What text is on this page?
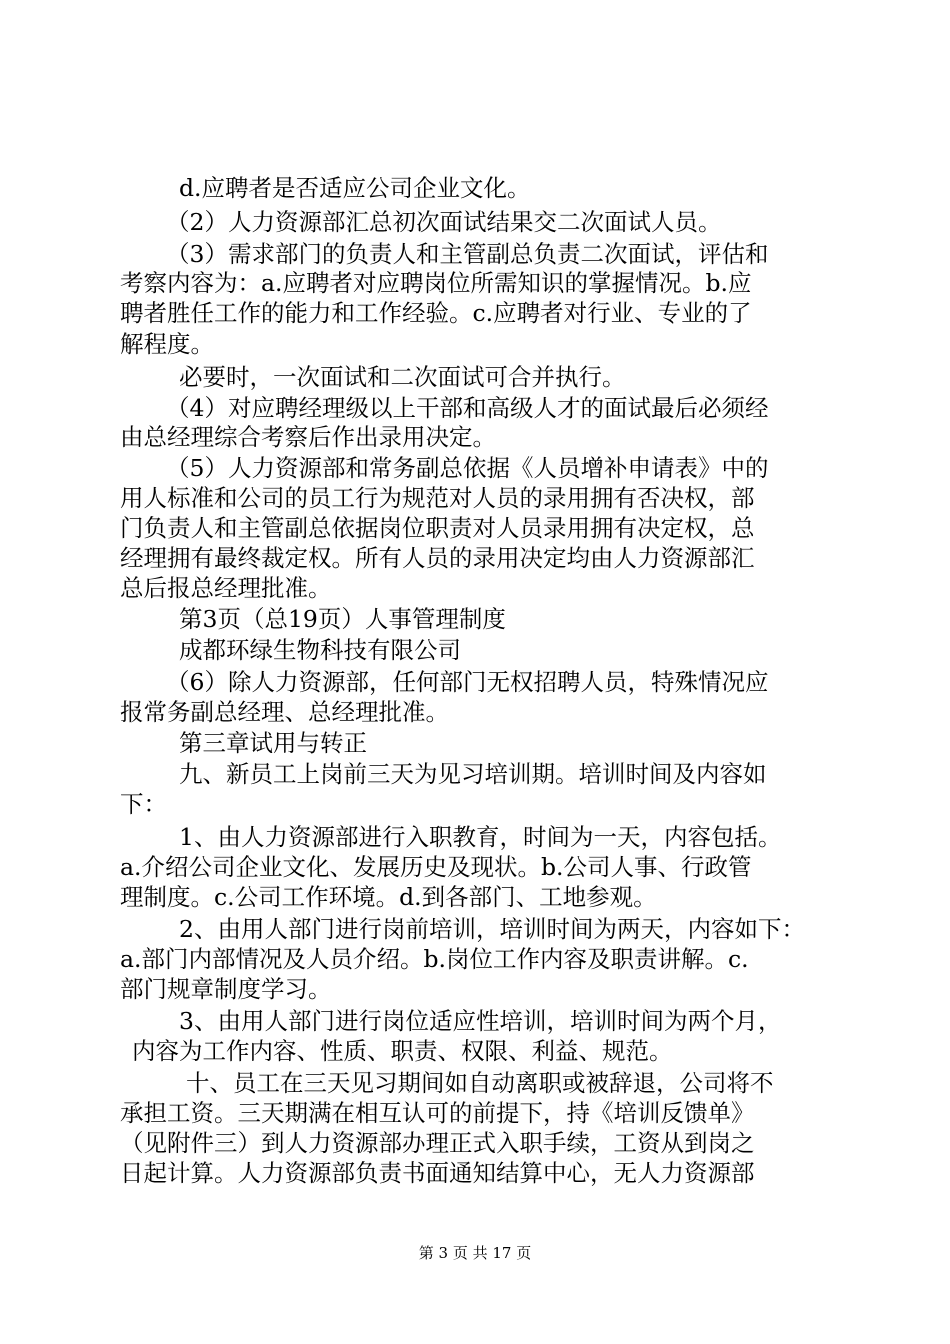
d.应聘者是否适应公司企业文化。

（2）人力资源部汇总初次面试结果交二次面试人员。

（3）需求部门的负责人和主管副总负责二次面试，评估和

考察内容为：a.应聘者对应聘岗位所需知识的掌握情况。b.应

聘者胜任工作的能力和工作经验。c.应聘者对行业、专业的了

解程度。

必要时，一次面试和二次面试可合并执行。

（4）对应聘经理级以上干部和高级人才的面试最后必须经

由总经理综合考察后作出录用决定。

（5）人力资源部和常务副总依据《人员增补申请表》中的

用人标准和公司的员工行为规范对人员的录用拥有否决权，部

门负责人和主管副总依据岗位职责对人员录用拥有决定权，总

经理拥有最终裁定权。所有人员的录用决定均由人力资源部汇

总后报总经理批准。

第3页（总19页）人事管理制度

成都环绿生物科技有限公司

（6）除人力资源部，任何部门无权招聘人员，特殊情况应

报常务副总经理、总经理批准。

第三章试用与转正

九、新员工上岗前三天为见习培训期。培训时间及内容如

下：

1、由人力资源部进行入职教育，时间为一天，内容包括。

a.介绍公司企业文化、发展历史及现状。b.公司人事、行政管

理制度。c.公司工作环境。d.到各部门、工地参观。

2、由用人部门进行岗前培训，培训时间为两天，内容如下：

a.部门内部情况及人员介绍。b.岗位工作内容及职责讲解。c.

部门规章制度学习。

3、由用人部门进行岗位适应性培训，培训时间为两个月，

内容为工作内容、性质、职责、权限、利益、规范。

十、员工在三天见习期间如自动离职或被辞退，公司将不

承担工资。三天期满在相互认可的前提下，持《培训反馈单》

（见附件三）到人力资源部办理正式入职手续，工资从到岗之

日起计算。人力资源部负责书面通知结算中心，无人力资源部

第 3 页 共 17 页
